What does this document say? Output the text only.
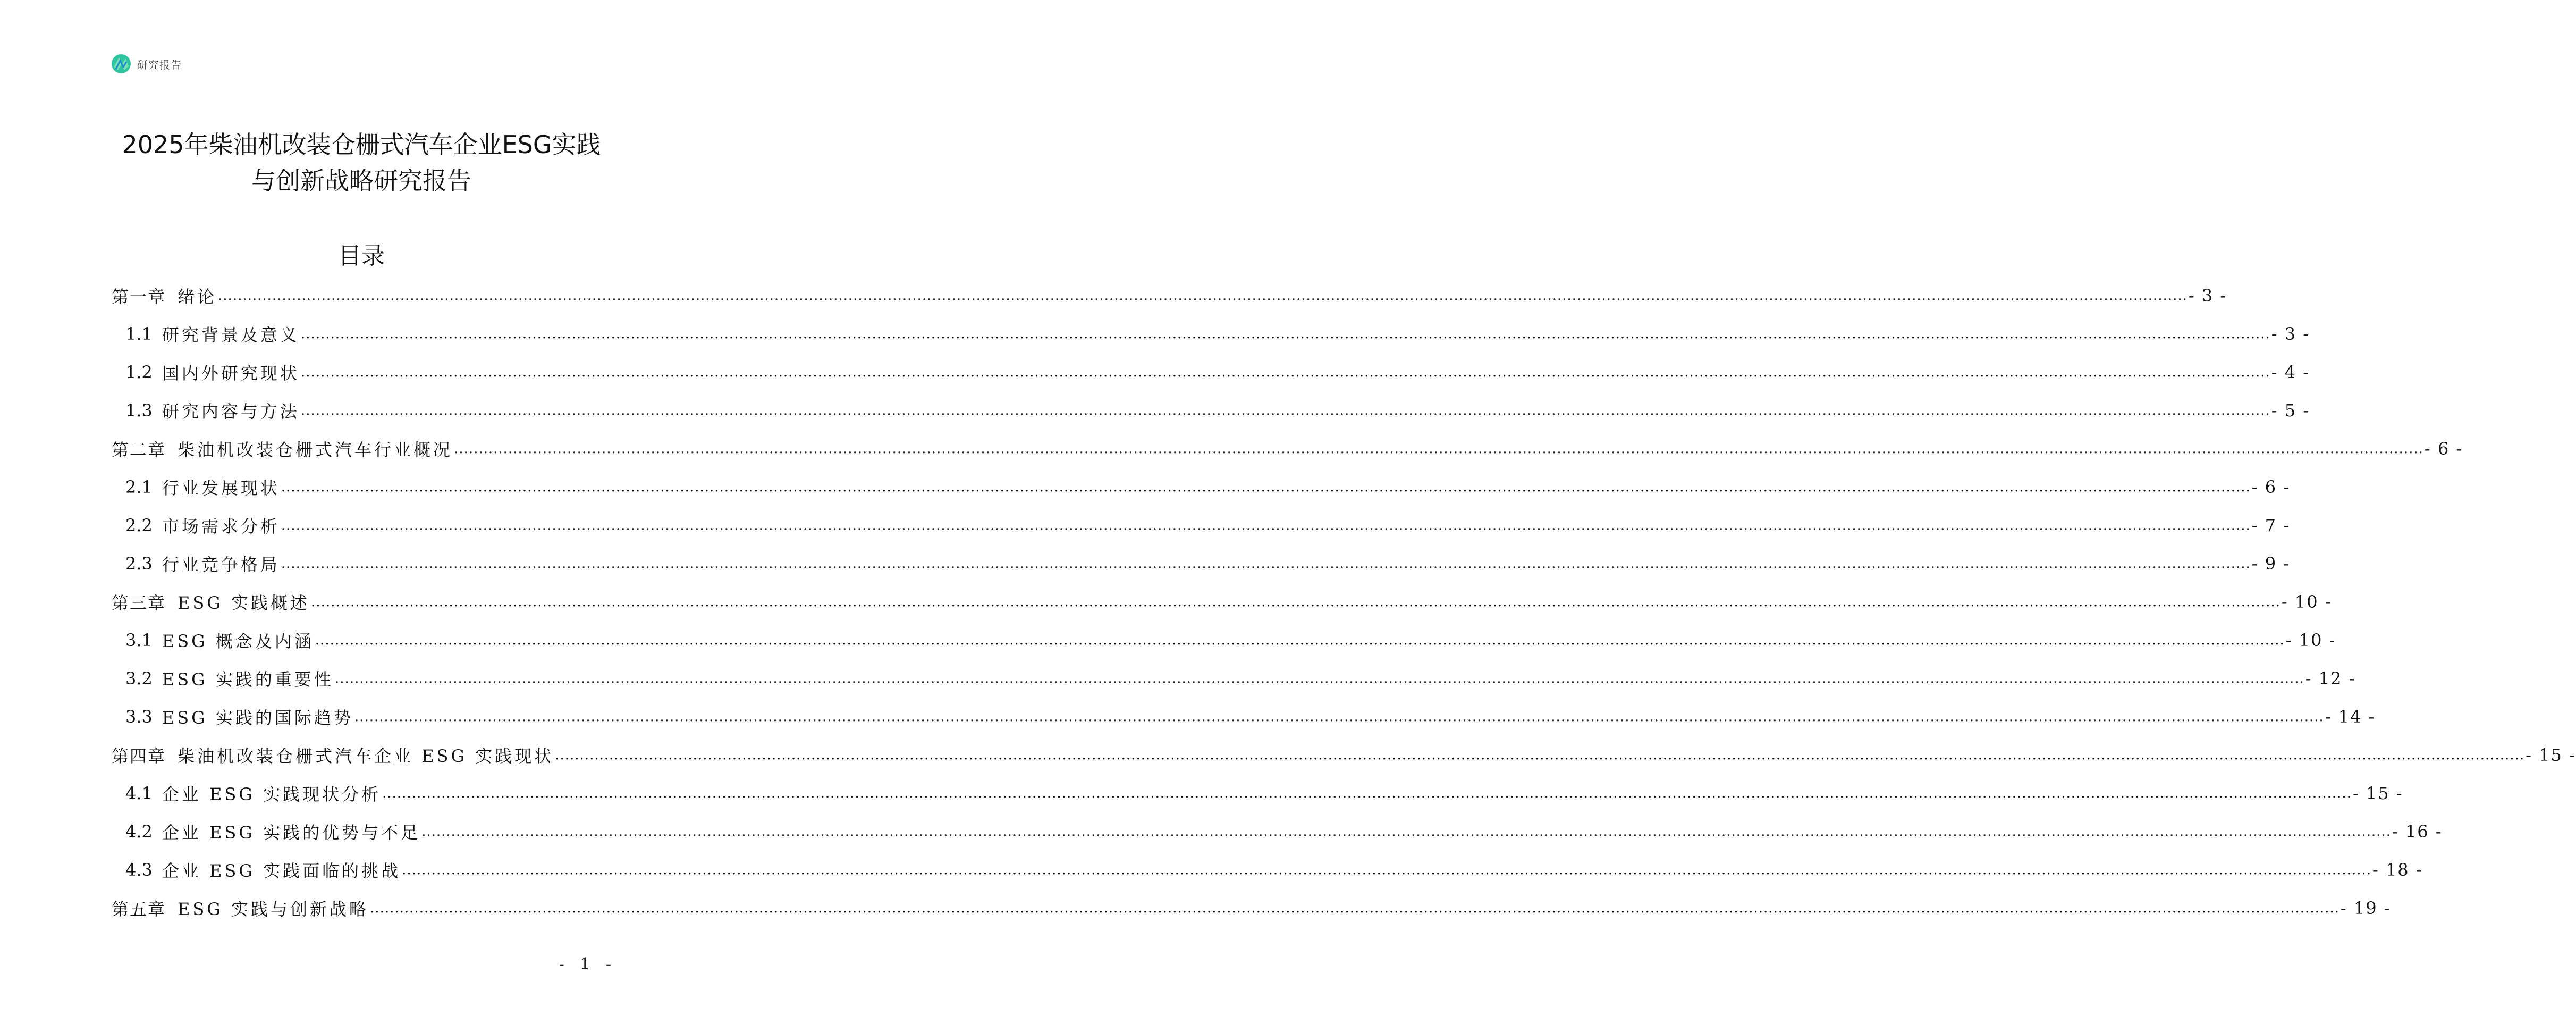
研究报告
2025年柴油机改装仓栅式汽车企业ESG实践
与创新战略研究报告
目录
第一章 绪论 ................................................................................................................................................................................................................................................................................................................................................................................................................ - 3 -
1.1 研究背景及意义 ................................................................................................................................................................................................................................................................................................................................................................................................................ - 3 -
1.2 国内外研究现状 ................................................................................................................................................................................................................................................................................................................................................................................................................ - 4 -
1.3 研究内容与方法 ................................................................................................................................................................................................................................................................................................................................................................................................................ - 5 -
第二章 柴油机改装仓栅式汽车行业概况 ................................................................................................................................................................................................................................................................................................................................................................................................................ - 6 -
2.1 行业发展现状 ................................................................................................................................................................................................................................................................................................................................................................................................................ - 6 -
2.2 市场需求分析 ................................................................................................................................................................................................................................................................................................................................................................................................................ - 7 -
2.3 行业竞争格局 ................................................................................................................................................................................................................................................................................................................................................................................................................ - 9 -
第三章 ESG 实践概述 ................................................................................................................................................................................................................................................................................................................................................................................................................ - 10 -
3.1 ESG 概念及内涵 ................................................................................................................................................................................................................................................................................................................................................................................................................ - 10 -
3.2 ESG 实践的重要性 ................................................................................................................................................................................................................................................................................................................................................................................................................ - 12 -
3.3 ESG 实践的国际趋势 ................................................................................................................................................................................................................................................................................................................................................................................................................ - 14 -
第四章 柴油机改装仓栅式汽车企业 ESG 实践现状 ................................................................................................................................................................................................................................................................................................................................................................................................................ - 15 -
4.1 企业 ESG 实践现状分析 ................................................................................................................................................................................................................................................................................................................................................................................................................ - 15 -
4.2 企业 ESG 实践的优势与不足 ................................................................................................................................................................................................................................................................................................................................................................................................................ - 16 -
4.3 企业 ESG 实践面临的挑战 ................................................................................................................................................................................................................................................................................................................................................................................................................ - 18 -
第五章 ESG 实践与创新战略 ................................................................................................................................................................................................................................................................................................................................................................................................................ - 19 -
- 1 -
